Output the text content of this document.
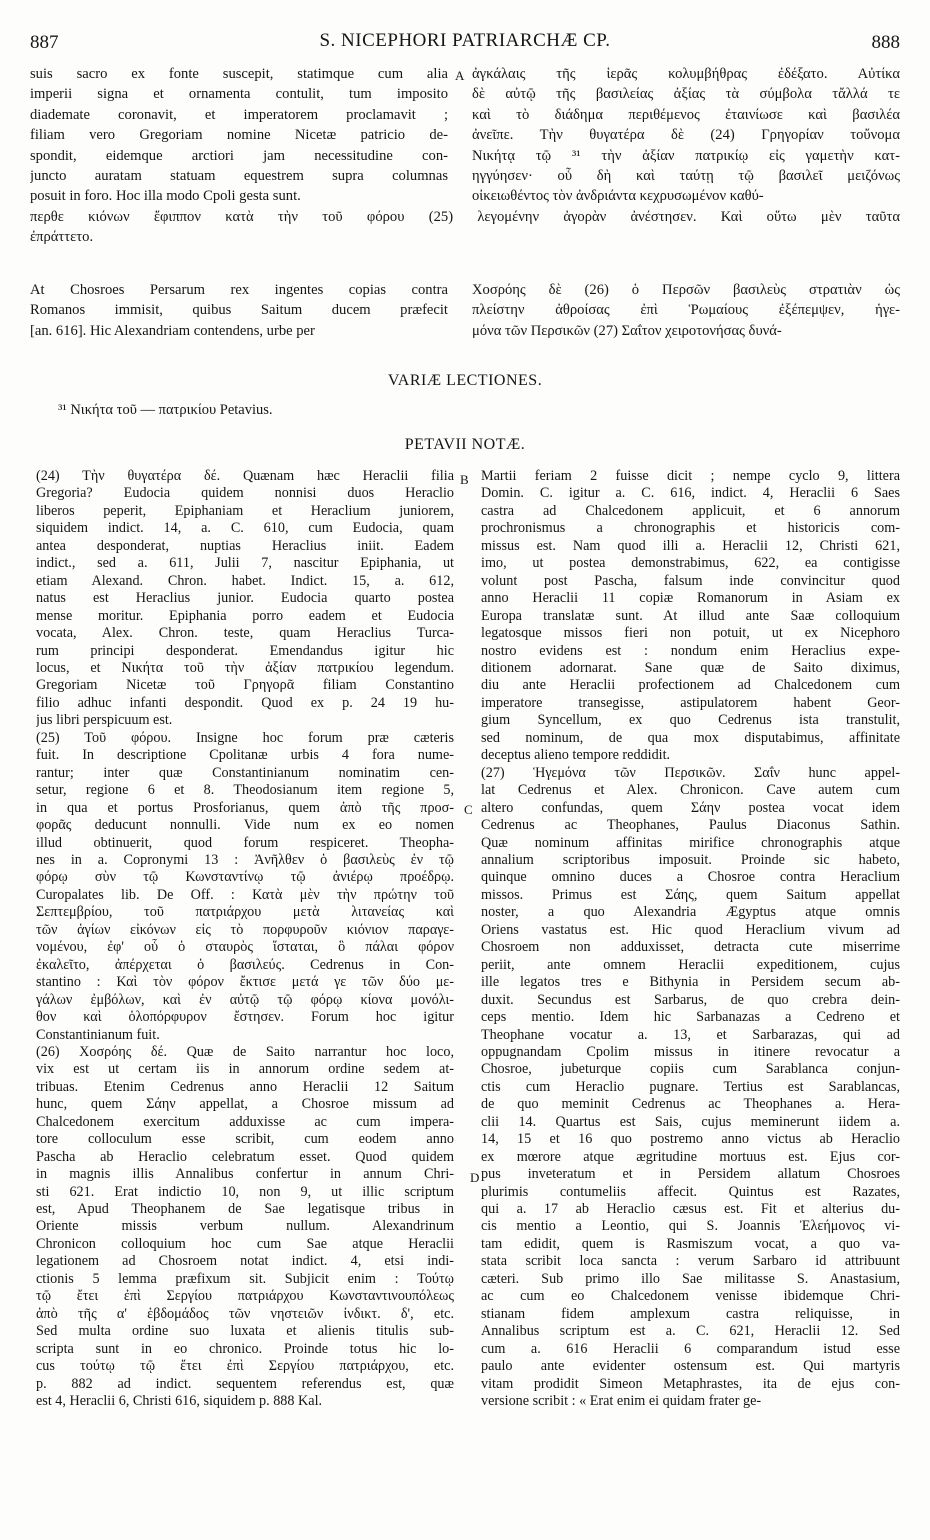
887	S. NICEPHORI PATRIARCHÆ CP.	888
suis sacro ex fonte suscepit, statimque cum alia
imperii signa et ornamenta contulit, tum imposito
diademate coronavit, et imperatorem proclamavit ;
filiam vero Gregoriam nomine Nicetæ patricio de-
spondit, eidemque arctiori jam necessitudine con-
juncto auratam statuam equestrem supra columnas
posuit in foro. Hoc illa modo Cpoli gesta sunt.
ἀγκάλαις τῆς ἱερᾶς κολυμβήθρας ἐδέξατο. Αὐτίκα
δὲ αὐτῷ τῆς βασιλείας ἀξίας τὰ σύμβολα τἄλλά τε
καὶ τὸ διάδημα περιθέμενος ἐταινίωσε καὶ βασιλέα
ἀνεῖπε. Τὴν θυγατέρα δὲ (24) Γρηγορίαν τοὔνομα
Νικήτᾳ τῷ ³¹ τὴν ἀξίαν πατρικίῳ εἰς γαμετὴν κατ-
ηγγύησεν· οὗ δὴ καὶ ταύτῃ τῷ βασιλεῖ μειζόνως
οἰκειωθέντος τὸν ἀνδριάντα κεχρυσωμένον καθύ-
A
περθε κιόνων ἔφιππον κατὰ τὴν τοῦ φόρου (25) λεγομένην ἀγορὰν ἀνέστησεν. Καὶ οὕτω μὲν ταῦτα
ἐπράττετο.
At Chosroes Persarum rex ingentes copias contra
Romanos immisit, quibus Saitum ducem præfecit
[an. 616]. Hic Alexandriam contendens, urbe per
Χοσρόης δὲ (26) ὁ Περσῶν βασιλεὺς στρατιὰν ὡς
πλείστην ἀθροίσας ἐπὶ Ῥωμαίους ἐξέπεμψεν, ἡγε-
μόνα τῶν Περσικῶν (27) Σαΐτον χειροτονήσας δυνά-
VARIÆ LECTIONES.
³¹ Νικήτα τοῦ — πατρικίου Petavius.
PETAVII NOTÆ.
(24) Τὴν θυγατέρα δέ. Quænam hæc Heraclii filia
Gregoria? Eudocia quidem nonnisi duos Heraclio
liberos peperit, Epiphaniam et Heraclium juniorem,
siquidem indict. 14, a. C. 610, cum Eudocia, quam
antea desponderat, nuptias Heraclius iniit. Eadem
indict., sed a. 611, Julii 7, nascitur Epiphania, ut
etiam Alexand. Chron. habet. Indict. 15, a. 612,
natus est Heraclius junior. Eudocia quarto postea
mense moritur. Epiphania porro eadem et Eudocia
vocata, Alex. Chron. teste, quam Heraclius Turca-
rum principi desponderat. Emendandus igitur hic
locus, et Νικήτα τοῦ τὴν ἀξίαν πατρικίου legendum.
Gregoriam Nicetæ τοῦ Γρηγορᾶ filiam Constantino
filio adhuc infanti despondit. Quod ex p. 24 19 hu-
jus libri perspicuum est.
(25) Τοῦ φόρου. Insigne hoc forum præ cæteris
fuit. In descriptione Cpolitanæ urbis 4 fora nume-
rantur; inter quæ Constantinianum nominatim cen-
setur, regione 6 et 8. Theodosianum item regione 5,
in qua et portus Prosforianus, quem ἀπὸ τῆς προσ-
φορᾶς deducunt nonnulli. Vide num ex eo nomen
illud obtinuerit, quod forum respiceret. Theopha-
nes in a. Copronymi 13 : Ἀνῆλθεν ὁ βασιλεὺς ἐν τῷ
φόρῳ σὺν τῷ Κωνσταντίνῳ τῷ ἀνιέρῳ προέδρῳ.
Curopalates lib. De Off. : Κατὰ μὲν τὴν πρώτην τοῦ
Σεπτεμβρίου, τοῦ πατριάρχου μετὰ λιτανείας καὶ
τῶν ἁγίων εἰκόνων εἰς τὸ πορφυροῦν κιόνιον παραγε-
νομένου, ἐφ' οὗ ὁ σταυρὸς ἵσταται, ὃ πάλαι φόρον
ἐκαλεῖτο, ἀπέρχεται ὁ βασιλεύς. Cedrenus in Con-
stantino : Καὶ τὸν φόρον ἔκτισε μετά γε τῶν δύο με-
γάλων ἐμβόλων, καὶ ἐν αὐτῷ τῷ φόρῳ κίονα μονόλι-
θον καὶ ὁλοπόρφυρον ἔστησεν. Forum hoc igitur
Constantinianum fuit.
(26) Χοσρόης δέ. Quæ de Saito narrantur hoc loco,
vix est ut certam iis in annorum ordine sedem at-
tribuas. Etenim Cedrenus anno Heraclii 12 Saitum
hunc, quem Σάην appellat, a Chosroe missum ad
Chalcedonem exercitum adduxisse ac cum impera-
tore colloculum esse scribit, cum eodem anno
Pascha ab Heraclio celebratum esset. Quod quidem
in magnis illis Annalibus confertur in annum Chri-
sti 621. Erat indictio 10, non 9, ut illic scriptum
est, Apud Theophanem de Sae legatisque tribus in
Oriente missis verbum nullum. Alexandrinum
Chronicon colloquium hoc cum Sae atque Heraclii
legationem ad Chosroem notat indict. 4, etsi indi-
ctionis 5 lemma præfixum sit. Subjicit enim : Τούτῳ
τῷ ἔτει ἐπὶ Σεργίου πατριάρχου Κωνσταντινουπόλεως
ἀπὸ τῆς α' ἑβδομάδος τῶν νηστειῶν ἰνδικτ. δ', etc.
Sed multa ordine suo luxata et alienis titulis sub-
scripta sunt in eo chronico. Proinde totus hic lo-
cus τούτῳ τῷ ἔτει ἐπὶ Σεργίου πατριάρχου, etc.
p. 882 ad indict. sequentem referendus est, quæ
est 4, Heraclii 6, Christi 616, siquidem p. 888 Kal.
Martii feriam 2 fuisse dicit ; nempe cyclo 9, littera
Domin. C. igitur a. C. 616, indict. 4, Heraclii 6 Saes
castra ad Chalcedonem applicuit, et 6 annorum
prochronismus a chronographis et historicis com-
missus est. Nam quod illi a. Heraclii 12, Christi 621,
imo, ut postea demonstrabimus, 622, ea contigisse
volunt post Pascha, falsum inde convincitur quod
anno Heraclii 11 copiæ Romanorum in Asiam ex
Europa translatæ sunt. At illud ante Saæ colloquium
legatosque missos fieri non potuit, ut ex Nicephoro
nostro evidens est : nondum enim Heraclius expe-
ditionem adornarat. Sane quæ de Saito diximus,
diu ante Heraclii profectionem ad Chalcedonem cum
imperatore transegisse, astipulatorem habent Geor-
gium Syncellum, ex quo Cedrenus ista transtulit,
sed nominum, de qua mox disputabimus, affinitate
deceptus alieno tempore reddidit.
(27) Ἡγεμόνα τῶν Περσικῶν. Σαΐν hunc appel-
lat Cedrenus et Alex. Chronicon. Cave autem cum
altero confundas, quem Σάην postea vocat idem
Cedrenus ac Theophanes, Paulus Diaconus Sathin.
Quæ nominum affinitas mirifice chronographis atque
annalium scriptoribus imposuit. Proinde sic habeto,
quinque omnino duces a Chosroe contra Heraclium
missos. Primus est Σάης, quem Saitum appellat
noster, a quo Alexandria Ægyptus atque omnis
Oriens vastatus est. Hic quod Heraclium vivum ad
Chosroem non adduxisset, detracta cute miserrime
periit, ante omnem Heraclii expeditionem, cujus
ille legatos tres e Bithynia in Persidem secum ab-
duxit. Secundus est Sarbarus, de quo crebra dein-
ceps mentio. Idem hic Sarbanazas a Cedreno et
Theophane vocatur a. 13, et Sarbarazas, qui ad
oppugnandam Cpolim missus in itinere revocatur a
Chosroe, jubeturque copiis cum Sarablanca conjun-
ctis cum Heraclio pugnare. Tertius est Sarablancas,
de quo meminit Cedrenus ac Theophanes a. Hera-
clii 14. Quartus est Sais, cujus meminerunt iidem a.
14, 15 et 16 quo postremo anno victus ab Heraclio
ex mœrore atque ægritudine mortuus est. Ejus cor-
pus inveteratum et in Persidem allatum Chosroes
plurimis contumeliis affecit. Quintus est Razates,
qui a. 17 ab Heraclio cæsus est. Fit et alterius du-
cis mentio a Leontio, qui S. Joannis Ἐλεήμονος vi-
tam edidit, quem is Rasmiszum vocat, a quo va-
stata scribit loca sancta : verum Sarbaro id attribuunt
cæteri. Sub primo illo Sae militasse S. Anastasium,
ac cum eo Chalcedonem venisse ibidemque Chri-
stianam fidem amplexum castra reliquisse, in
Annalibus scriptum est a. C. 621, Heraclii 12. Sed
cum a. 616 Heraclii 6 comparandum istud esse
paulo ante evidenter ostensum est. Qui martyris
vitam prodidit Simeon Metaphrastes, ita de ejus con-
versione scribit : « Erat enim ei quidam frater ge-
B
C
D
